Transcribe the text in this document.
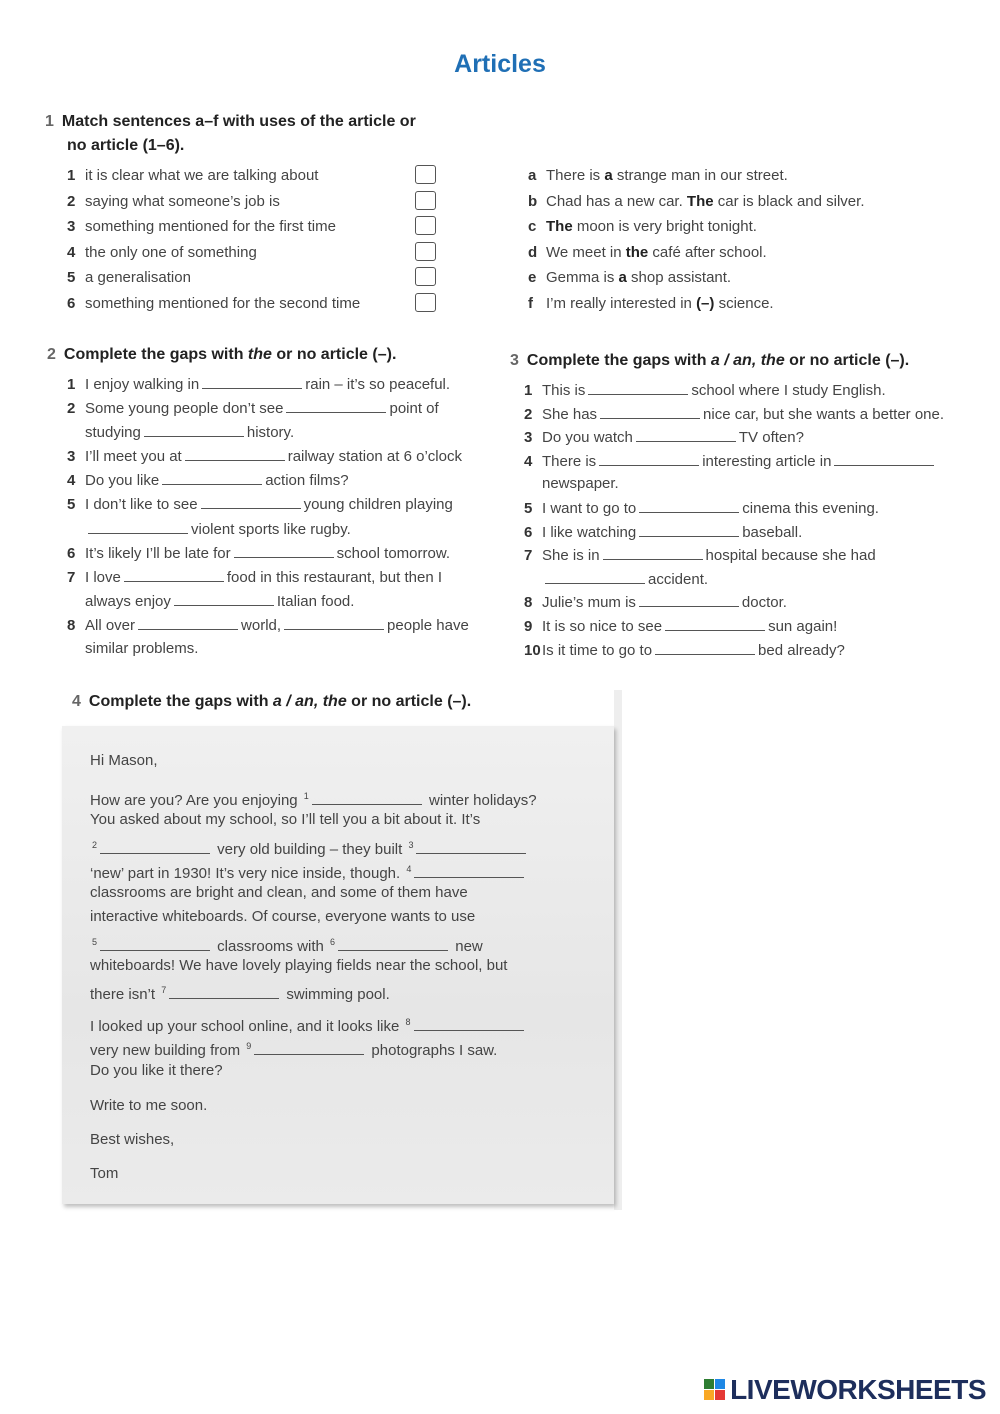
Articles
1 Match sentences a–f with uses of the article or
no article (1–6).
1 it is clear what we are talking about
2 saying what someone’s job is
3 something mentioned for the first time
4 the only one of something
5 a generalisation
6 something mentioned for the second time
a There is a strange man in our street.
b Chad has a new car. The car is black and silver.
c The moon is very bright tonight.
d We meet in the café after school.
e Gemma is a shop assistant.
f I’m really interested in (–) science.
2 Complete the gaps with the or no article (–).
1 I enjoy walking in	rain – it’s so peaceful.
2 Some young people don’t see	point of
studying	history.
3 I’ll meet you at	railway station at 6 o’clock
4 Do you like	action films?
5 I don’t like to see	young children playing
violent sports like rugby.
6 It’s likely I’ll be late for	school tomorrow.
7 I love	food in this restaurant, but then I
always enjoy	Italian food.
8 All over	world,	people have
similar problems.
3 Complete the gaps with a / an, the or no article (–).
1 This is	school where I study English.
2 She has	nice car, but she wants a better one.
3 Do you watch	TV often?
4 There is	interesting article in
newspaper.
5 I want to go to	cinema this evening.
6 I like watching	baseball.
7 She is in	hospital because she had
accident.
8 Julie’s mum is	doctor.
9 It is so nice to see	sun again!
10Is it time to go to	bed already?
4 Complete the gaps with a / an, the or no article (–).
Hi Mason,
How are you? Are you enjoying $^1$	winter holidays?
You asked about my school, so I’ll tell you a bit about it. It’s
$^2$	very old building – they built $^3$
‘new’ part in 1930! It’s very nice inside, though. $^4$
classrooms are bright and clean, and some of them have
interactive whiteboards. Of course, everyone wants to use
$^5$	classrooms with $^6$	new
whiteboards! We have lovely playing fields near the school, but
there isn’t $^7$	swimming pool.
I looked up your school online, and it looks like $^8$
very new building from $^9$	photographs I saw.
Do you like it there?
Write to me soon.
Best wishes,
Tom
LIVEWORKSHEETS
